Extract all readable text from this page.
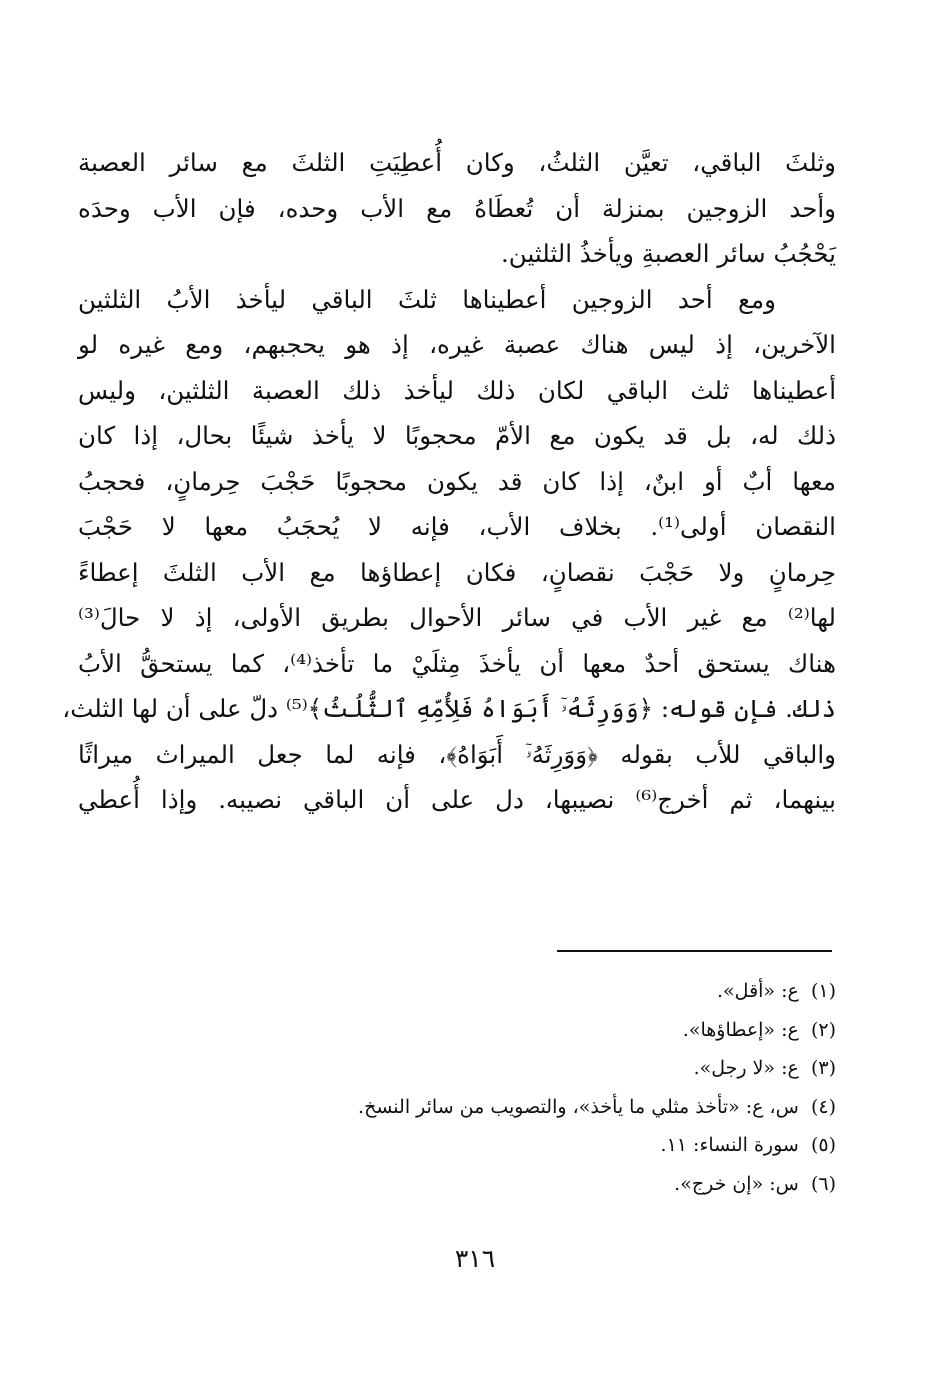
وثلثَ الباقي، تعيَّن الثلثُ، وكان أُعطِيَتِ الثلثَ مع سائر العصبة
وأحد الزوجين بمنزلة أن تُعطَاهُ مع الأب وحده، فإن الأب وحدَه
يَحْجُبُ سائر العصبةِ ويأخذُ الثلثين.
ومع أحد الزوجين أعطيناها ثلثَ الباقي ليأخذ الأبُ الثلثين
الآخرين، إذ ليس هناك عصبة غيره، إذ هو يحجبهم، ومع غيره لو
أعطيناها ثلث الباقي لكان ذلك ليأخذ ذلك العصبة الثلثين، وليس
ذلك له، بل قد يكون مع الأمّ محجوبًا لا يأخذ شيئًا بحال، إذا كان
معها أبٌ أو ابنٌ، إذا كان قد يكون محجوبًا حَجْبَ حِرمانٍ، فحجبُ
النقصان أولى⁽¹⁾. بخلاف الأب، فإنه لا يُحجَبُ معها لا حَجْبَ
حِرمانٍ ولا حَجْبَ نقصانٍ، فكان إعطاؤها مع الأب الثلثَ إعطاءً
لها⁽²⁾ مع غير الأب في سائر الأحوال بطريق الأولى، إذ لا حالَ⁽³⁾
هناك يستحق أحدٌ معها أن يأخذَ مِثلَيْ ما تأخذ⁽⁴⁾، كما يستحقُّ الأبُ
ذلك. فإن قوله: ﴿وَوَرِثَهُۥٓ أَبَوَاهُ فَلِأُمِّهِ ٱلثُّلُثُ﴾⁽⁵⁾ دلّ على أن لها الثلث،
والباقي للأب بقوله ﴿وَوَرِثَهُۥٓ أَبَوَاهُ﴾، فإنه لما جعل الميراث ميراثًا
بينهما، ثم أخرج⁽⁶⁾ نصيبها، دل على أن الباقي نصيبه. وإذا أُعطي
(١)  ع: «أقل».
(٢)  ع: «إعطاؤها».
(٣)  ع: «لا رجل».
(٤)  س، ع: «تأخذ مثلي ما يأخذ»، والتصويب من سائر النسخ.
(٥)  سورة النساء: ١١.
(٦)  س: «إن خرج».
٣١٦
